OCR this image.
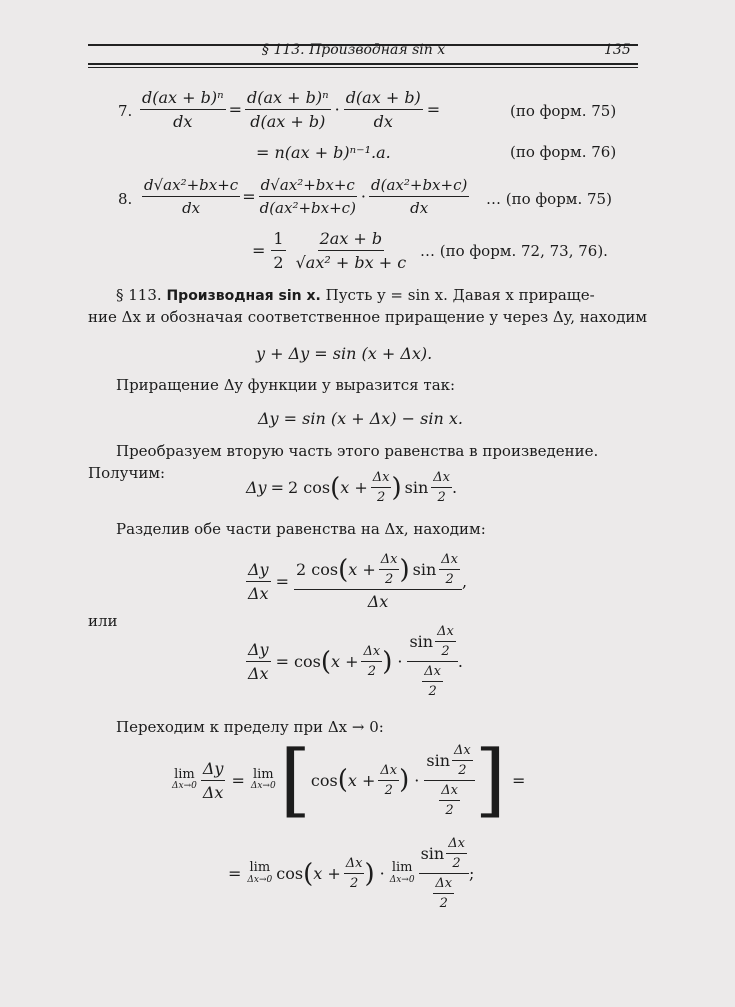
§ 113. Производная sin x	135
7. $\frac{\text{d(ax + b)ⁿ}}{dx} = \frac{\text{d(ax + b)ⁿ}}{d(ax + b)} \cdot \frac{d(ax + b)}{dx}$ =	(по форм. 75)
= n(ax + b)ⁿ⁻¹.a.	(по форм. 76)
8. $\frac{\text{d√ax²+bx+c}}{dx} = \frac{\text{d√ax²+bx+c}}{\text{d(ax²+bx+c)}} \cdot \frac{\text{d(ax²+bx+c)}}{dx}$ … (по форм. 75)
= $\frac{1}{2} \frac{2ax + b}{\text{√ax² + bx + c}}$ … (по форм. 72, 73, 76).
§ 113. Производная sin x. Пусть y = sin x. Давая x прираще-
ние Δx и обозначая соответственное приращение y через Δy, находим
y + Δy = sin (x + Δx).
Приращение Δy функции y выразится так:
Δy = sin (x + Δx) − sin x.
Преобразуем вторую часть этого равенства в произведение.
Получим:
Δy = 2 cos ( $x + \frac{\Delta x}{2}$ ) $\sin \frac{\Delta x}{2}$ .
Разделив обе части равенства на Δx, находим:
$\frac{\Delta y}{\Delta x}$ =
2 cos ( $x + \frac{\Delta x}{2}$ ) $\sin \frac{\Delta x}{2}$
Δx
,
или
$\frac{\Delta y}{\Delta x} = \cos$ ( $x + \frac{\Delta x}{2}$ ) · $\frac{\sin \frac{\Delta x}{2}}{\frac{\Delta x}{2}}$ .
Переходим к пределу при Δx → 0:
lim
$\Delta x\to 0 \frac{\Delta y}{\Delta x} = \lim$
Δx→0 [ cos ( $x + \frac{\Delta x}{2}$ ) · $\frac{\sin \frac{\Delta x}{2}}{\frac{\Delta x}{2}}$ ] =
= lim
Δx→0 cos ( $x + \frac{\Delta x}{2}$ ) · lim
$\Delta x\to 0 \frac{\sin \frac{\Delta x}{2}}{\frac{\Delta x}{2}}$ ;
